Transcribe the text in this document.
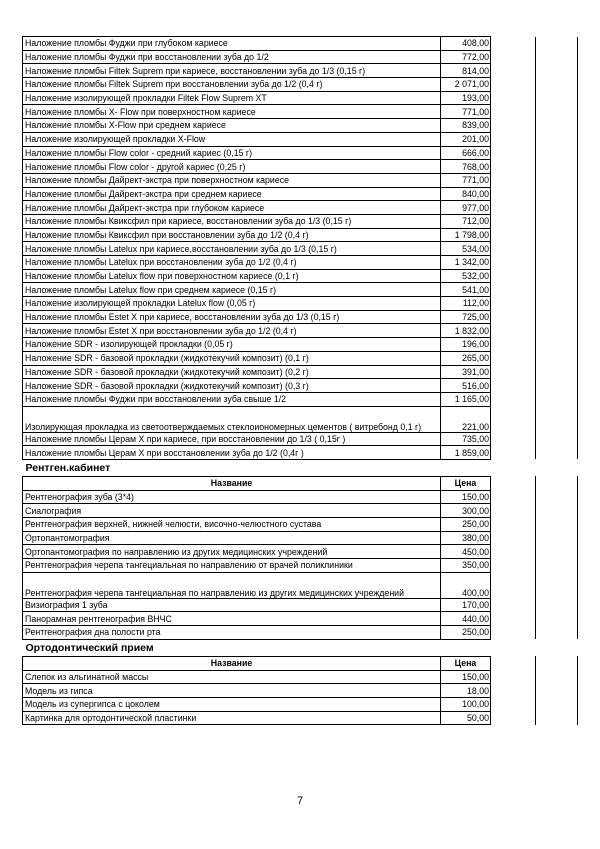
Наложение пломбы Фуджи при глубоком кариесе	408,00		
Наложение пломбы Фуджи при восстановлении зуба до 1/2	772,00		
Наложение пломбы Filtek Suprem при кариесе, восстановлении зуба до 1/3 (0,15 г)	814,00		
Наложение пломбы Filtek Suprem при восстановлении зуба до 1/2 (0,4 г)	2 071,00		
Наложение изолирующей прокладки Filtek Flow Suprem XT	193,00		
Наложение пломбы X- Flow при поверхностном кариесе	771,00		
Наложение пломбы X-Flow при среднем кариесе	839,00		
Наложение изолирующей прокладки X-Flow	201,00		
Наложение пломбы Flow color - средний кариес (0,15 г)	666,00		
Наложение пломбы Flow color - другой кариес (0,25 г)	768,00		
Наложение пломбы Дайрект-экстра при поверхностном кариесе	771,00		
Наложение пломбы Дайрект-экстра при среднем кариесе	840,00		
Наложение пломбы Дайрект-экстра при глубоком кариесе	977,00		
Наложение пломбы Квиксфил при кариесе, восстановлении зуба до 1/3 (0,15 г)	712,00		
Наложение пломбы Квиксфил при восстановлении зуба до 1/2 (0,4 г)	1 798,00		
Наложение пломбы Latelux при кариесе,восстановлении зуба до 1/3 (0,15 г)	534,00		
Наложение пломбы Latelux при восстановлении зуба до 1/2 (0,4 г)	1 342,00		
Наложение пломбы Latelux flow при поверхностном кариесе (0,1 г)	532,00		
Наложение пломбы Latelux flow при среднем кариесе (0,15 г)	541,00		
Наложение изолирующей прокладки Latelux flow (0,05 г)	112,00		
Наложение пломбы Estet X при кариесе, восстановлении зуба до 1/3 (0,15 г)	725,00		
Наложение пломбы Estet X при восстановлении зуба до 1/2 (0,4 г)	1 832,00		
Наложение SDR - изолирующей прокладки (0,05 г)	196,00		
Наложение SDR - базовой прокладки (жидкотекучий композит) (0,1 г)	265,00		
Наложение SDR - базовой прокладки (жидкотекучий композит) (0,2 г)	391,00		
Наложение SDR - базовой прокладки (жидкотекучий композит) (0,3 г)	516,00		
Наложение пломбы Фуджи при восстановлении зуба свыше 1/2	1 165,00		
Изолирующая прокладка из светоотверждаемых стеклоиономерных цементов ( витребонд 0,1 г)	221,00		
Наложение пломбы Церам X при кариесе, при восстановлении до 1/3 ( 0,15г )	735,00		
Наложение пломбы Церам X при восстановлении зуба до 1/2 (0,4г )	1 859,00		
Рентген.кабинет			
Название	Цена		
Рентгенография зуба (3*4)	150,00		
Сиалография	300,00		
Рентгенография верхней, нижней челюсти, височно-челюстного сустава	250,00		
Ортопантомография	380,00		
Ортопантомография по направлению из других медицинских учреждений	450,00		
Рентгенография черепа тангециальная по направлению от врачей поликлиники	350,00		
Рентгенография черепа тангециальная по направлению из других медицинских учреждений	400,00		
Визиография 1 зуба	170,00		
Панорамная рентгенография ВНЧС	440,00		
Рентгенография дна полости рта	250,00		
Ортодонтический прием			
Название	Цена		
Слепок из альгинатной массы	150,00		
Модель из гипса	18,00		
Модель из супергипса с цоколем	100,00		
Картинка для ортодонтической пластинки	50,00		
7
